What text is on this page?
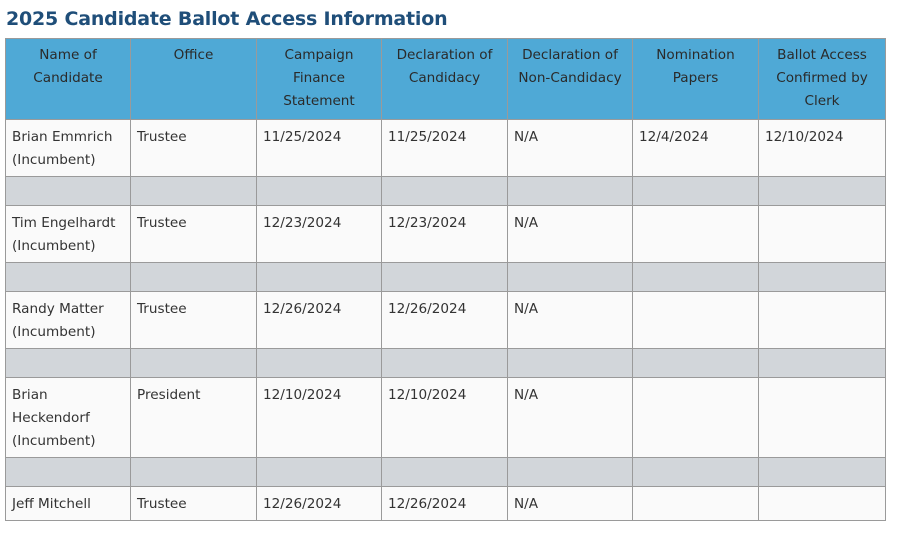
2025 Candidate Ballot Access Information
Name of Candidate	Office	Campaign Finance Statement	Declaration of Candidacy	Declaration of Non-Candidacy	Nomination Papers	Ballot Access Confirmed by Clerk
Brian Emmrich (Incumbent)	Trustee	11/25/2024	11/25/2024	N/A	12/4/2024	12/10/2024

Tim Engelhardt (Incumbent)	Trustee	12/23/2024	12/23/2024	N/A		

Randy Matter (Incumbent)	Trustee	12/26/2024	12/26/2024	N/A		

Brian Heckendorf (Incumbent)	President	12/10/2024	12/10/2024	N/A		

Jeff Mitchell	Trustee	12/26/2024	12/26/2024	N/A		
